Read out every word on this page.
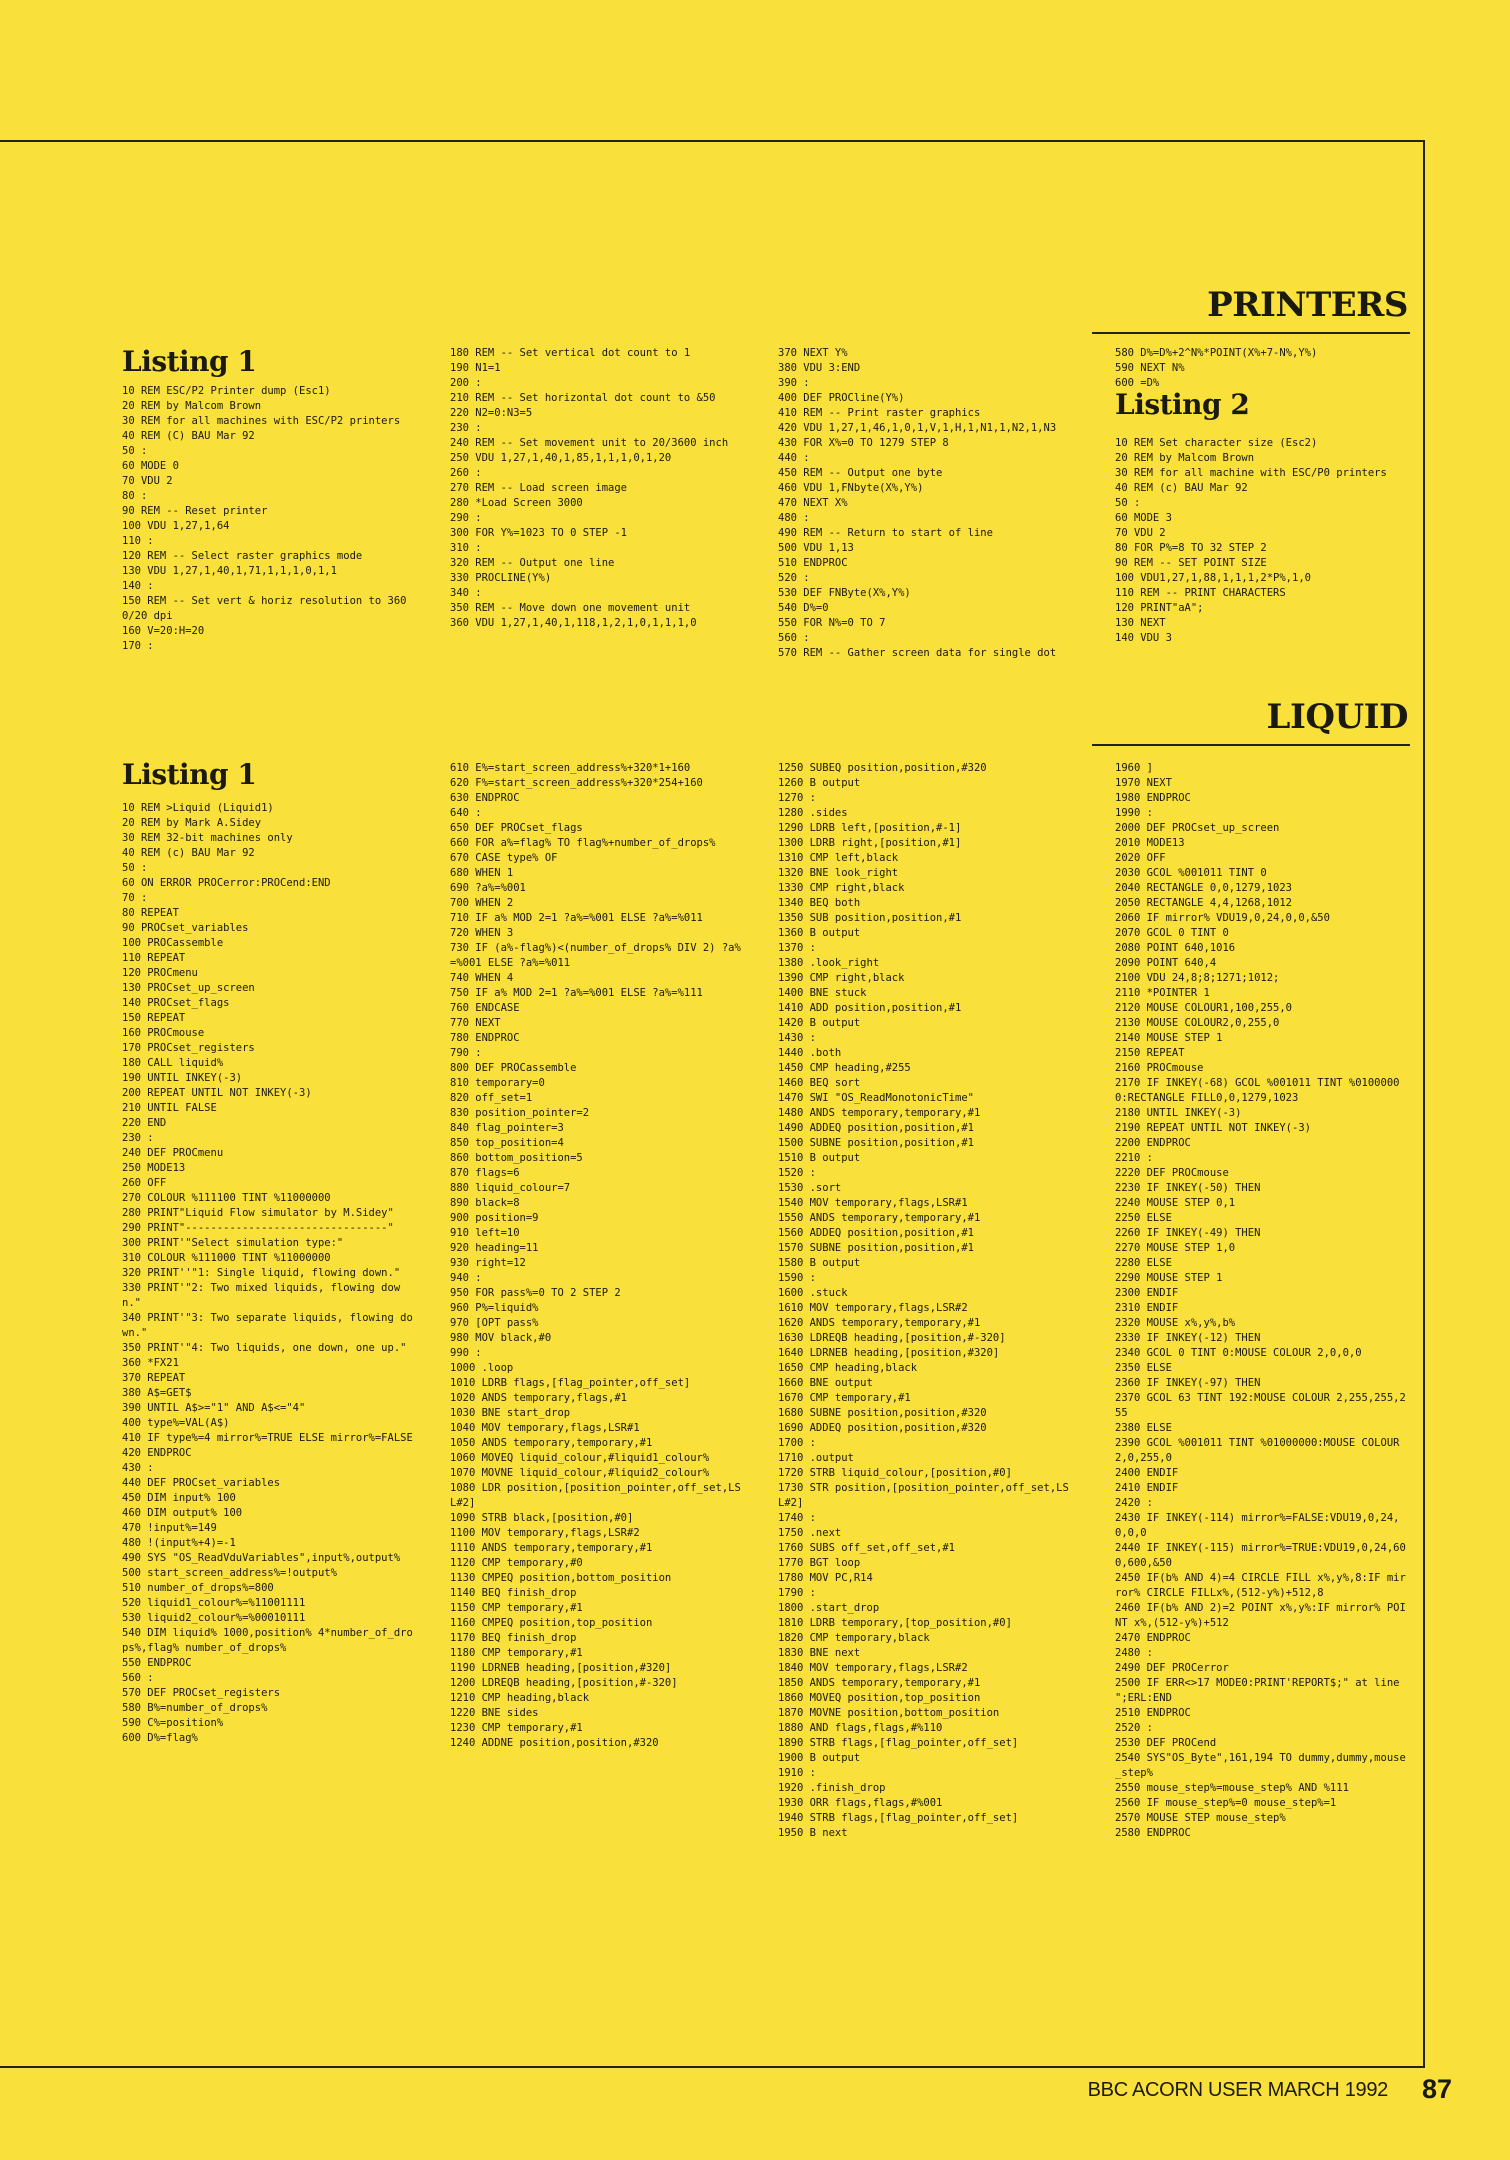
PRINTERS
Listing 1
10 REM ESC/P2 Printer dump (Esc1)
20 REM by Malcom Brown
30 REM for all machines with ESC/P2 printers
40 REM (C) BAU Mar 92
50 :
60 MODE 0
70 VDU 2
80 :
90 REM -- Reset printer
100 VDU 1,27,1,64
110 :
120 REM -- Select raster graphics mode
130 VDU 1,27,1,40,1,71,1,1,1,0,1,1
140 :
150 REM -- Set vert & horiz resolution to 3600/20 dpi
160 V=20:H=20
170 :
180 REM -- Set vertical dot count to 1
190 N1=1
200 :
210 REM -- Set horizontal dot count to &50
220 N2=0:N3=5
230 :
240 REM -- Set movement unit to 20/3600 inch
250 VDU 1,27,1,40,1,85,1,1,1,0,1,20
260 :
270 REM -- Load screen image
280 *Load Screen 3000
290 :
300 FOR Y%=1023 TO 0 STEP -1
310 :
320 REM -- Output one line
330 PROCLINE(Y%)
340 :
350 REM -- Move down one movement unit
360 VDU 1,27,1,40,1,118,1,2,1,0,1,1,1,0
370 NEXT Y%
380 VDU 3:END
390 :
400 DEF PROCline(Y%)
410 REM -- Print raster graphics
420 VDU 1,27,1,46,1,0,1,V,1,H,1,N1,1,N2,1,N3
430 FOR X%=0 TO 1279 STEP 8
440 :
450 REM -- Output one byte
460 VDU 1,FNbyte(X%,Y%)
470 NEXT X%
480 :
490 REM -- Return to start of line
500 VDU 1,13
510 ENDPROC
520 :
530 DEF FNByte(X%,Y%)
540 D%=0
550 FOR N%=0 TO 7
560 :
570 REM -- Gather screen data for single dot
580 D%=D%+2^N%*POINT(X%+7-N%,Y%)
590 NEXT N%
600 =D%
Listing 2
10 REM Set character size (Esc2)
20 REM by Malcom Brown
30 REM for all machine with ESC/P0 printers
40 REM (c) BAU Mar 92
50 :
60 MODE 3
70 VDU 2
80 FOR P%=8 TO 32 STEP 2
90 REM -- SET POINT SIZE
100 VDU1,27,1,88,1,1,1,2*P%,1,0
110 REM -- PRINT CHARACTERS
120 PRINT"aA";
130 NEXT
140 VDU 3
LIQUID
Listing 1
10 REM >Liquid (Liquid1)
20 REM by Mark A.Sidey
30 REM 32-bit machines only
40 REM (c) BAU Mar 92
50 :
60 ON ERROR PROCerror:PROCend:END
70 :
80 REPEAT
90 PROCset_variables
100 PROCassemble
110 REPEAT
120 PROCmenu
130 PROCset_up_screen
140 PROCset_flags
150 REPEAT
160 PROCmouse
170 PROCset_registers
180 CALL liquid%
190 UNTIL INKEY(-3)
200 REPEAT UNTIL NOT INKEY(-3)
210 UNTIL FALSE
220 END
230 :
240 DEF PROCmenu
250 MODE13
260 OFF
270 COLOUR %111100 TINT %11000000
280 PRINT"Liquid Flow simulator by M.Sidey"
290 PRINT"--------------------------------"
300 PRINT'"Select simulation type:"
310 COLOUR %111000 TINT %11000000
320 PRINT''"1: Single liquid, flowing down."
330 PRINT'"2: Two mixed liquids, flowing down."
340 PRINT'"3: Two separate liquids, flowing down."
350 PRINT'"4: Two liquids, one down, one up."
360 *FX21
370 REPEAT
380 A$=GET$
390 UNTIL A$>="1" AND A$<="4"
400 type%=VAL(A$)
410 IF type%=4 mirror%=TRUE ELSE mirror%=FALSE
420 ENDPROC
430 :
440 DEF PROCset_variables
450 DIM input% 100
460 DIM output% 100
470 !input%=149
480 !(input%+4)=-1
490 SYS "OS_ReadVduVariables",input%,output%
500 start_screen_address%=!output%
510 number_of_drops%=800
520 liquid1_colour%=%11001111
530 liquid2_colour%=%00010111
540 DIM liquid% 1000,position% 4*number_of_drops%,flag% number_of_drops%
550 ENDPROC
560 :
570 DEF PROCset_registers
580 B%=number_of_drops%
590 C%=position%
600 D%=flag%
610 E%=start_screen_address%+320*1+160
620 F%=start_screen_address%+320*254+160
630 ENDPROC
640 :
650 DEF PROCset_flags
660 FOR a%=flag% TO flag%+number_of_drops%
670 CASE type% OF
680 WHEN 1
690 ?a%=%001
700 WHEN 2
710 IF a% MOD 2=1 ?a%=%001 ELSE ?a%=%011
720 WHEN 3
730 IF (a%-flag%)<(number_of_drops% DIV 2) ?a%=%001 ELSE ?a%=%011
740 WHEN 4
750 IF a% MOD 2=1 ?a%=%001 ELSE ?a%=%111
760 ENDCASE
770 NEXT
780 ENDPROC
790 :
800 DEF PROCassemble
810 temporary=0
820 off_set=1
830 position_pointer=2
840 flag_pointer=3
850 top_position=4
860 bottom_position=5
870 flags=6
880 liquid_colour=7
890 black=8
900 position=9
910 left=10
920 heading=11
930 right=12
940 :
950 FOR pass%=0 TO 2 STEP 2
960 P%=liquid%
970 [OPT pass%
980 MOV black,#0
990 :
1000 .loop
1010 LDRB flags,[flag_pointer,off_set]
1020 ANDS temporary,flags,#1
1030 BNE start_drop
1040 MOV temporary,flags,LSR#1
1050 ANDS temporary,temporary,#1
1060 MOVEQ liquid_colour,#liquid1_colour%
1070 MOVNE liquid_colour,#liquid2_colour%
1080 LDR position,[position_pointer,off_set,LSL#2]
1090 STRB black,[position,#0]
1100 MOV temporary,flags,LSR#2
1110 ANDS temporary,temporary,#1
1120 CMP temporary,#0
1130 CMPEQ position,bottom_position
1140 BEQ finish_drop
1150 CMP temporary,#1
1160 CMPEQ position,top_position
1170 BEQ finish_drop
1180 CMP temporary,#1
1190 LDRNEB heading,[position,#320]
1200 LDREQB heading,[position,#-320]
1210 CMP heading,black
1220 BNE sides
1230 CMP temporary,#1
1240 ADDNE position,position,#320
1250 SUBEQ position,position,#320
1260 B output
1270 :
1280 .sides
1290 LDRB left,[position,#-1]
1300 LDRB right,[position,#1]
1310 CMP left,black
1320 BNE look_right
1330 CMP right,black
1340 BEQ both
1350 SUB position,position,#1
1360 B output
1370 :
1380 .look_right
1390 CMP right,black
1400 BNE stuck
1410 ADD position,position,#1
1420 B output
1430 :
1440 .both
1450 CMP heading,#255
1460 BEQ sort
1470 SWI "OS_ReadMonotonicTime"
1480 ANDS temporary,temporary,#1
1490 ADDEQ position,position,#1
1500 SUBNE position,position,#1
1510 B output
1520 :
1530 .sort
1540 MOV temporary,flags,LSR#1
1550 ANDS temporary,temporary,#1
1560 ADDEQ position,position,#1
1570 SUBNE position,position,#1
1580 B output
1590 :
1600 .stuck
1610 MOV temporary,flags,LSR#2
1620 ANDS temporary,temporary,#1
1630 LDREQB heading,[position,#-320]
1640 LDRNEB heading,[position,#320]
1650 CMP heading,black
1660 BNE output
1670 CMP temporary,#1
1680 SUBNE position,position,#320
1690 ADDEQ position,position,#320
1700 :
1710 .output
1720 STRB liquid_colour,[position,#0]
1730 STR position,[position_pointer,off_set,LSL#2]
1740 :
1750 .next
1760 SUBS off_set,off_set,#1
1770 BGT loop
1780 MOV PC,R14
1790 :
1800 .start_drop
1810 LDRB temporary,[top_position,#0]
1820 CMP temporary,black
1830 BNE next
1840 MOV temporary,flags,LSR#2
1850 ANDS temporary,temporary,#1
1860 MOVEQ position,top_position
1870 MOVNE position,bottom_position
1880 AND flags,flags,#%110
1890 STRB flags,[flag_pointer,off_set]
1900 B output
1910 :
1920 .finish_drop
1930 ORR flags,flags,#%001
1940 STRB flags,[flag_pointer,off_set]
1950 B next
1960 ]
1970 NEXT
1980 ENDPROC
1990 :
2000 DEF PROCset_up_screen
2010 MODE13
2020 OFF
2030 GCOL %001011 TINT 0
2040 RECTANGLE 0,0,1279,1023
2050 RECTANGLE 4,4,1268,1012
2060 IF mirror% VDU19,0,24,0,0,&50
2070 GCOL 0 TINT 0
2080 POINT 640,1016
2090 POINT 640,4
2100 VDU 24,8;8;1271;1012;
2110 *POINTER 1
2120 MOUSE COLOUR1,100,255,0
2130 MOUSE COLOUR2,0,255,0
2140 MOUSE STEP 1
2150 REPEAT
2160 PROCmouse
2170 IF INKEY(-68) GCOL %001011 TINT %01000000:RECTANGLE FILL0,0,1279,1023
2180 UNTIL INKEY(-3)
2190 REPEAT UNTIL NOT INKEY(-3)
2200 ENDPROC
2210 :
2220 DEF PROCmouse
2230 IF INKEY(-50) THEN
2240 MOUSE STEP 0,1
2250 ELSE
2260 IF INKEY(-49) THEN
2270 MOUSE STEP 1,0
2280 ELSE
2290 MOUSE STEP 1
2300 ENDIF
2310 ENDIF
2320 MOUSE x%,y%,b%
2330 IF INKEY(-12) THEN
2340 GCOL 0 TINT 0:MOUSE COLOUR 2,0,0,0
2350 ELSE
2360 IF INKEY(-97) THEN
2370 GCOL 63 TINT 192:MOUSE COLOUR 2,255,255,255
2380 ELSE
2390 GCOL %001011 TINT %01000000:MOUSE COLOUR 2,0,255,0
2400 ENDIF
2410 ENDIF
2420 :
2430 IF INKEY(-114) mirror%=FALSE:VDU19,0,24,0,0,0
2440 IF INKEY(-115) mirror%=TRUE:VDU19,0,24,600,600,&50
2450 IF(b% AND 4)=4 CIRCLE FILL x%,y%,8:IF mirror% CIRCLE FILLx%,(512-y%)+512,8
2460 IF(b% AND 2)=2 POINT x%,y%:IF mirror% POINT x%,(512-y%)+512
2470 ENDPROC
2480 :
2490 DEF PROCerror
2500 IF ERR<>17 MODE0:PRINT'REPORT$;" at line ";ERL:END
2510 ENDPROC
2520 :
2530 DEF PROCend
2540 SYS"OS_Byte",161,194 TO dummy,dummy,mouse_step%
2550 mouse_step%=mouse_step% AND %111
2560 IF mouse_step%=0 mouse_step%=1
2570 MOUSE STEP mouse_step%
2580 ENDPROC
BBC ACORN USER MARCH 1992 87
